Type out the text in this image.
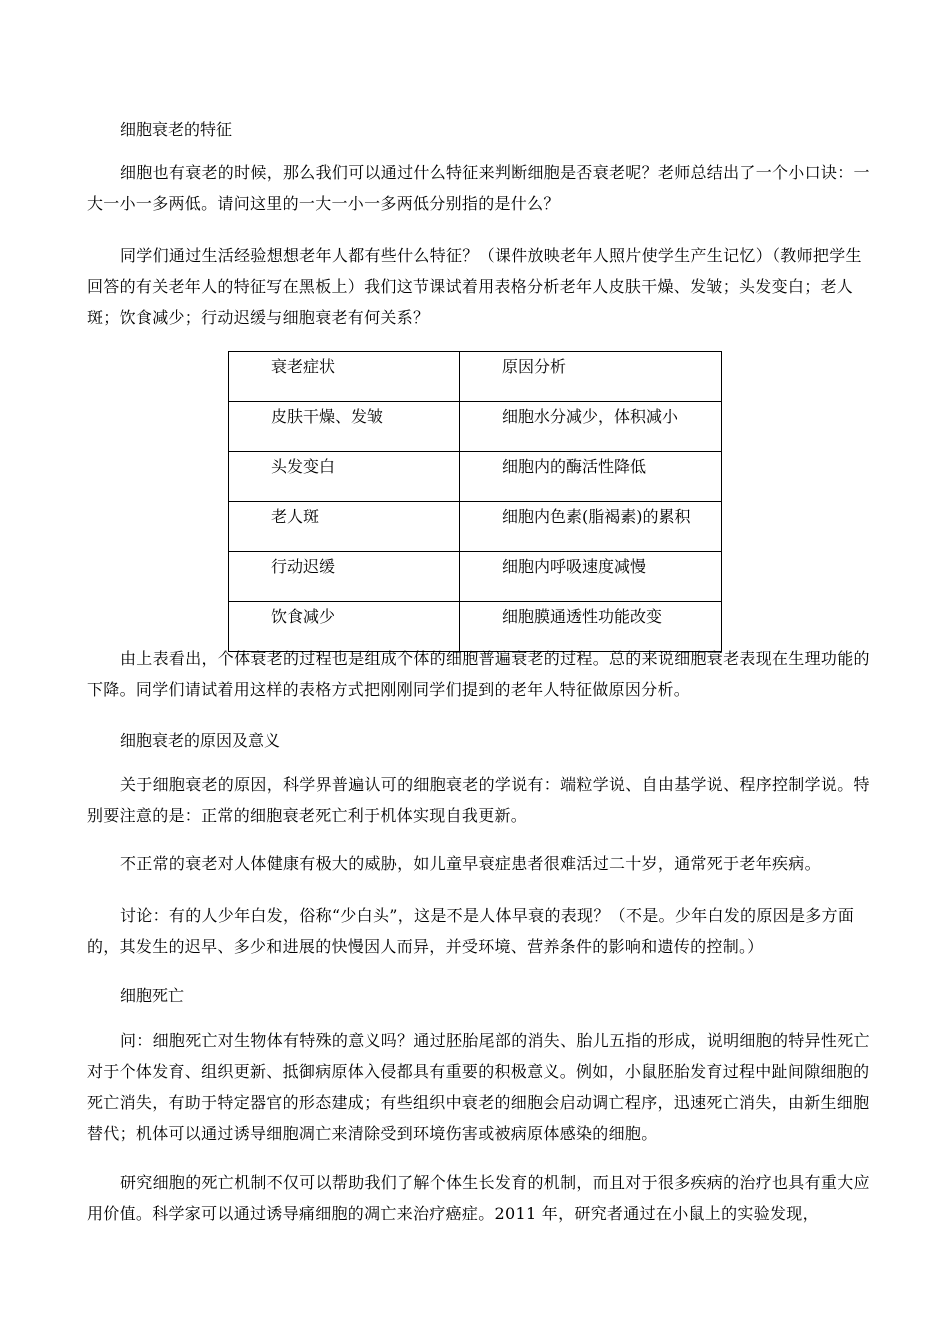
细胞衰老的特征

细胞也有衰老的时候，那么我们可以通过什么特征来判断细胞是否衰老呢？老师总结出了一个小口诀：一大一小一多两低。请问这里的一大一小一多两低分别指的是什么？

同学们通过生活经验想想老年人都有些什么特征？（课件放映老年人照片使学生产生记忆）（教师把学生回答的有关老年人的特征写在黑板上）我们这节课试着用表格分析老年人皮肤干燥、发皱；头发变白；老人斑；饮食减少；行动迟缓与细胞衰老有何关系？

衰老症状	原因分析
皮肤干燥、发皱	细胞水分减少，体积减小
头发变白	细胞内的酶活性降低
老人斑	细胞内色素(脂褐素)的累积
行动迟缓	细胞内呼吸速度减慢
饮食减少	细胞膜通透性功能改变

由上表看出，个体衰老的过程也是组成个体的细胞普遍衰老的过程。总的来说细胞衰老表现在生理功能的下降。同学们请试着用这样的表格方式把刚刚同学们提到的老年人特征做原因分析。

细胞衰老的原因及意义

关于细胞衰老的原因，科学界普遍认可的细胞衰老的学说有：端粒学说、自由基学说、程序控制学说。特别要注意的是：正常的细胞衰老死亡利于机体实现自我更新。

不正常的衰老对人体健康有极大的威胁，如儿童早衰症患者很难活过二十岁，通常死于老年疾病。

讨论：有的人少年白发，俗称“少白头”，这是不是人体早衰的表现？（不是。少年白发的原因是多方面的，其发生的迟早、多少和进展的快慢因人而异，并受环境、营养条件的影响和遗传的控制。）

细胞死亡

问：细胞死亡对生物体有特殊的意义吗？通过胚胎尾部的消失、胎儿五指的形成，说明细胞的特异性死亡对于个体发育、组织更新、抵御病原体入侵都具有重要的积极意义。例如，小鼠胚胎发育过程中趾间隙细胞的死亡消失，有助于特定器官的形态建成；有些组织中衰老的细胞会启动调亡程序，迅速死亡消失，由新生细胞替代；机体可以通过诱导细胞凋亡来清除受到环境伤害或被病原体感染的细胞。

研究细胞的死亡机制不仅可以帮助我们了解个体生长发育的机制，而且对于很多疾病的治疗也具有重大应用价值。科学家可以通过诱导痛细胞的凋亡来治疗癌症。2011 年，研究者通过在小鼠上的实验发现，
